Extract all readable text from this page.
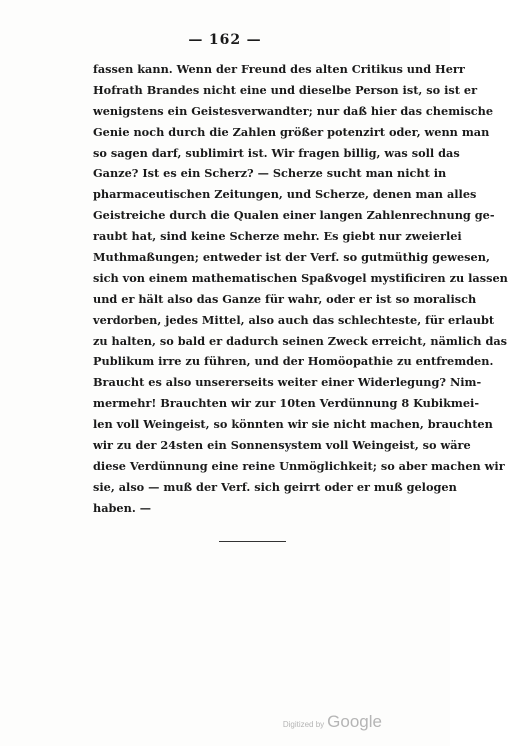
— 162 —
fassen kann. Wenn der Freund des alten Critikus und Herr
Hofrath Brandes nicht eine und dieselbe Person ist, so ist er
wenigstens ein Geistesverwandter; nur daß hier das chemische
Genie noch durch die Zahlen größer potenzirt oder, wenn man
so sagen darf, sublimirt ist. Wir fragen billig, was soll das
Ganze? Ist es ein Scherz? — Scherze sucht man nicht in
pharmaceutischen Zeitungen, und Scherze, denen man alles
Geistreiche durch die Qualen einer langen Zahlenrechnung ge-
raubt hat, sind keine Scherze mehr. Es giebt nur zweierlei
Muthmaßungen; entweder ist der Verf. so gutmüthig gewesen,
sich von einem mathematischen Spaßvogel mystificiren zu lassen
und er hält also das Ganze für wahr, oder er ist so moralisch
verdorben, jedes Mittel, also auch das schlechteste, für erlaubt
zu halten, so bald er dadurch seinen Zweck erreicht, nämlich das
Publikum irre zu führen, und der Homöopathie zu entfremden.
Braucht es also unsererseits weiter einer Widerlegung? Nim-
mermehr! Brauchten wir zur 10ten Verdünnung 8 Kubikmei-
len voll Weingeist, so könnten wir sie nicht machen, brauchten
wir zu der 24sten ein Sonnensystem voll Weingeist, so wäre
diese Verdünnung eine reine Unmöglichkeit; so aber machen wir
sie, also — muß der Verf. sich geirrt oder er muß gelogen
haben. —
Digitized by Google
